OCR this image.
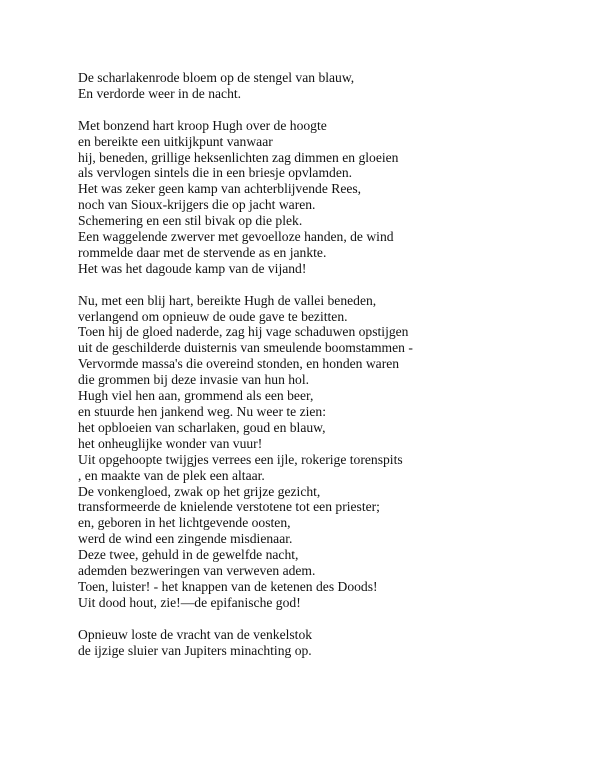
De scharlakenrode bloem op de stengel van blauw,
En verdorde weer in de nacht.
Met bonzend hart kroop Hugh over de hoogte
en bereikte een uitkijkpunt vanwaar
hij, beneden, grillige heksenlichten zag dimmen en gloeien
als vervlogen sintels die in een briesje opvlamden.
Het was zeker geen kamp van achterblijvende Rees,
noch van Sioux-krijgers die op jacht waren.
Schemering en een stil bivak op die plek.
Een waggelende zwerver met gevoelloze handen, de wind
rommelde daar met de stervende as en jankte.
Het was het dagoude kamp van de vijand!
Nu, met een blij hart, bereikte Hugh de vallei beneden,
verlangend om opnieuw de oude gave te bezitten.
Toen hij de gloed naderde, zag hij vage schaduwen opstijgen
uit de geschilderde duisternis van smeulende boomstammen -
Vervormde massa's die overeind stonden, en honden waren
die grommen bij deze invasie van hun hol.
Hugh viel hen aan, grommend als een beer,
en stuurde hen jankend weg. Nu weer te zien:
het opbloeien van scharlaken, goud en blauw,
het onheuglijke wonder van vuur!
Uit opgehoopte twijgjes verrees een ijle, rokerige torenspits
, en maakte van de plek een altaar.
De vonkengloed, zwak op het grijze gezicht,
transformeerde de knielende verstotene tot een priester;
en, geboren in het lichtgevende oosten,
werd de wind een zingende misdienaar.
Deze twee, gehuld in de gewelfde nacht,
ademden bezweringen van verweven adem.
Toen, luister! - het knappen van de ketenen des Doods!
Uit dood hout, zie!—de epifanische god!
Opnieuw loste de vracht van de venkelstok
de ijzige sluier van Jupiters minachting op.
